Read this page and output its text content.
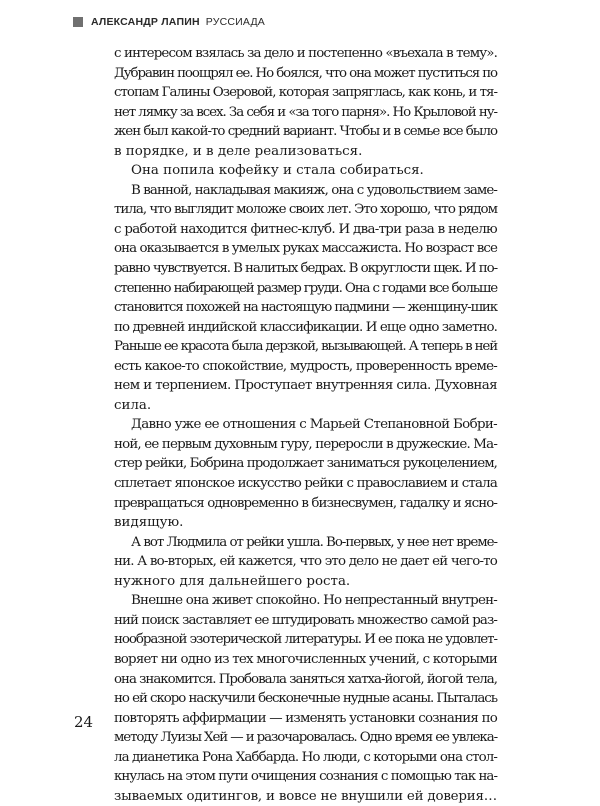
АЛЕКСАНДР ЛАПИН РУССИАДА
с интересом взялась за дело и постепенно «въехала в тему».
Дубравин поощрял ее. Но боялся, что она может пуститься по
стопам Галины Озеровой, которая запряглась, как конь, и тя-
нет лямку за всех. За себя и «за того парня». Но Крыловой ну-
жен был какой-то средний вариант. Чтобы и в семье все было
в порядке, и в деле реализоваться.
Она попила кофейку и стала собираться.
В ванной, накладывая макияж, она с удовольствием заме-
тила, что выглядит моложе своих лет. Это хорошо, что рядом
с работой находится фитнес-клуб. И два-три раза в неделю
она оказывается в умелых руках массажиста. Но возраст все
равно чувствуется. В налитых бедрах. В округлости щек. И по-
степенно набирающей размер груди. Она с годами все больше
становится похожей на настоящую падмини — женщину-шик
по древней индийской классификации. И еще одно заметно.
Раньше ее красота была дерзкой, вызывающей. А теперь в ней
есть какое-то спокойствие, мудрость, проверенность време-
нем и терпением. Проступает внутренняя сила. Духовная
сила.
Давно уже ее отношения с Марьей Степановной Бобри-
ной, ее первым духовным гуру, переросли в дружеские. Ма-
стер рейки, Бобрина продолжает заниматься рукоцелением,
сплетает японское искусство рейки с православием и стала
превращаться одновременно в бизнесвумен, гадалку и ясно-
видящую.
А вот Людмила от рейки ушла. Во-первых, у нее нет време-
ни. А во-вторых, ей кажется, что это дело не дает ей чего-то
нужного для дальнейшего роста.
Внешне она живет спокойно. Но непрестанный внутрен-
ний поиск заставляет ее штудировать множество самой раз-
нообразной эзотерической литературы. И ее пока не удовлет-
воряет ни одно из тех многочисленных учений, с которыми
она знакомится. Пробовала заняться хатха-йогой, йогой тела,
но ей скоро наскучили бесконечные нудные асаны. Пыталась
повторять аффирмации — изменять установки сознания по
методу Луизы Хей — и разочаровалась. Одно время ее увлека-
ла дианетика Рона Хаббарда. Но люди, с которыми она стол-
кнулась на этом пути очищения сознания с помощью так на-
зываемых одитингов, и вовсе не внушили ей доверия…
24
